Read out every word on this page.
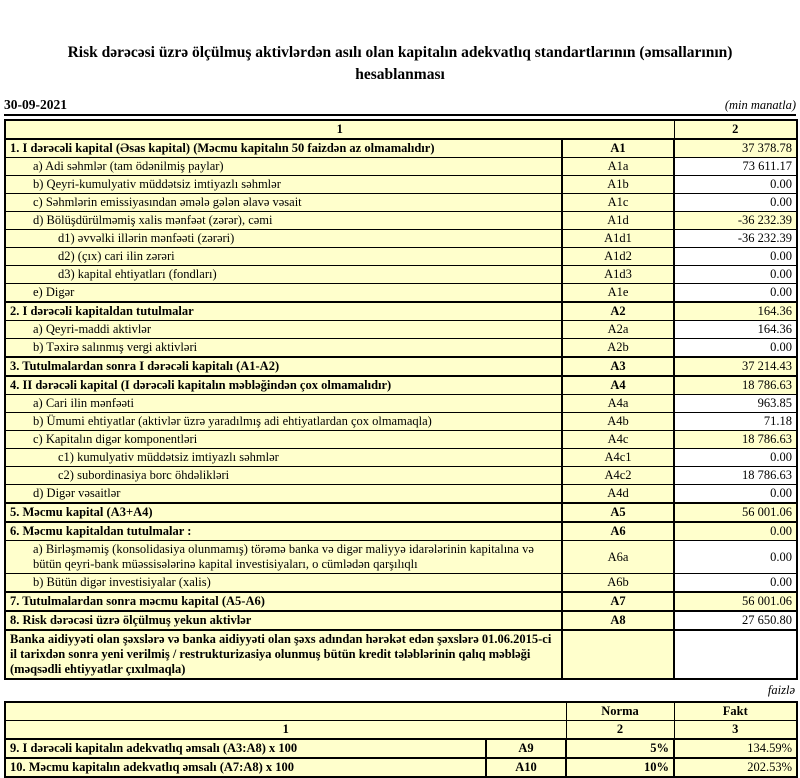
Risk dərəcəsi üzrə ölçülmuş aktivlərdən asılı olan kapitalın adekvatlıq standartlarının (əmsallarının)
hesablanması
30-09-2021	(min manatla)
1		2
1. I dərəcəli kapital (Əsas kapital) (Məcmu kapitalın 50 faizdən az olmamalıdır)	A1	37 378.78
a) Adi səhmlər (tam ödənilmiş paylar)	A1a	73 611.17
b) Qeyri-kumulyativ müddətsiz imtiyazlı səhmlər	A1b	0.00
c) Səhmlərin emissiyasından əmələ gələn əlavə vəsait	A1c	0.00
d) Bölüşdürülməmiş xalis mənfəət (zərər), cəmi	A1d	-36 232.39
d1) əvvəlki illərin mənfəəti (zərəri)	A1d1	-36 232.39
d2) (çıx) cari ilin zərəri	A1d2	0.00
d3) kapital ehtiyatları (fondları)	A1d3	0.00
e) Digər	A1e	0.00
2. I dərəcəli kapitaldan tutulmalar	A2	164.36
a) Qeyri-maddi aktivlər	A2a	164.36
b) Təxirə salınmış vergi aktivləri	A2b	0.00
3. Tutulmalardan sonra I dərəcəli kapitalı (A1-A2)	A3	37 214.43
4. II dərəcəli kapital (I dərəcəli kapitalın məbləğindən çox olmamalıdır)	A4	18 786.63
a) Cari ilin mənfəəti	A4a	963.85
b) Ümumi ehtiyatlar (aktivlər üzrə yaradılmış adi ehtiyatlardan çox olmamaqla)	A4b	71.18
c) Kapitalın digər komponentləri	A4c	18 786.63
c1) kumulyativ müddətsiz imtiyazlı səhmlər	A4c1	0.00
c2) subordinasiya borc öhdəlikləri	A4c2	18 786.63
d) Digər vəsaitlər	A4d	0.00
5. Məcmu kapital (A3+A4)	A5	56 001.06
6. Məcmu kapitaldan tutulmalar :	A6	0.00
a) Birləşməmiş (konsolidasiya olunmamış) törəmə banka və digər maliyyə idarələrinin kapitalına və bütün qeyri-bank müəssisələrinə kapital investisiyaları, o cümlədən qarşılıqlı	A6a	0.00
b) Bütün digər investisiyalar (xalis)	A6b	0.00
7. Tutulmalardan sonra məcmu kapital (A5-A6)	A7	56 001.06
8. Risk dərəcəsi üzrə ölçülmuş yekun aktivlər	A8	27 650.80
Banka aidiyyəti olan şəxslərə və banka aidiyyəti olan şəxs adından hərəkət edən şəxslərə 01.06.2015-ci il tarixdən sonra yeni verilmiş / restrukturizasiya olunmuş bütün kredit tələblərinin qalıq məbləği (məqsədli ehtiyyatlar çıxılmaqla)		
faizlə
		Norma	Fakt
1		2	3
9. I dərəcəli kapitalın adekvatlıq əmsalı (A3:A8) x 100	A9	5%	134.59%
10. Məcmu kapitalın adekvatlıq əmsalı (A7:A8) x 100	A10	10%	202.53%
